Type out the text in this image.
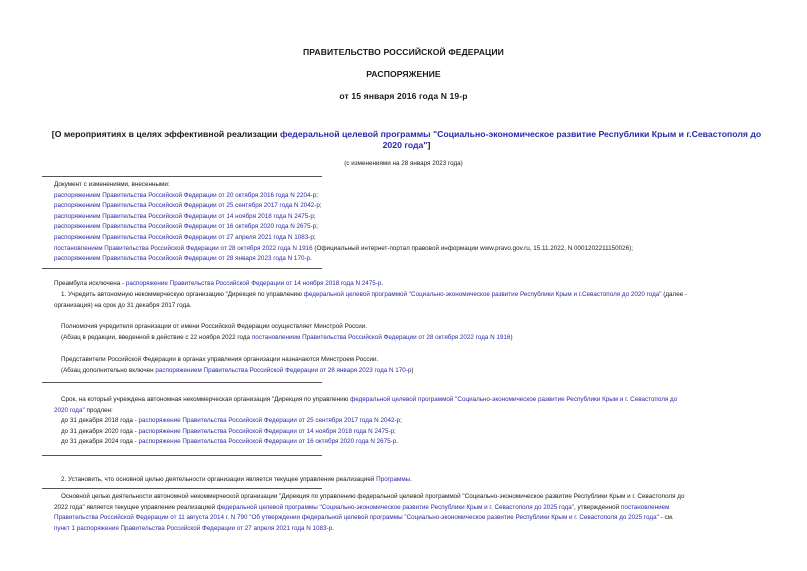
ПРАВИТЕЛЬСТВО РОССИЙСКОЙ ФЕДЕРАЦИИ
РАСПОРЯЖЕНИЕ
от 15 января 2016 года N 19-р
[О мероприятиях в целях эффективной реализации федеральной целевой программы "Социально-экономическое развитие Республики Крым и г.Севастополя до 2020 года"]
(с изменениями на 28 января 2023 года)
Документ с изменениями, внесенными:
распоряжением Правительства Российской Федерации от 20 октября 2016 года N 2204-р;
распоряжением Правительства Российской Федерации от 25 сентября 2017 года N 2042-р;
распоряжением Правительства Российской Федерации от 14 ноября 2018 года N 2475-р;
распоряжением Правительства Российской Федерации от 16 октября 2020 года N 2675-р;
распоряжением Правительства Российской Федерации от 27 апреля 2021 года N 1083-р;
постановлением Правительства Российской Федерации от 28 октября 2022 года N 1916 (Официальный интернет-портал правовой информации www.pravo.gov.ru, 15.11.2022, N 0001202211150026);
распоряжением Правительства Российской Федерации от 28 января 2023 года N 170-р.
Преамбула исключена - распоряжение Правительства Российской Федерации от 14 ноября 2018 года N 2475-р.
1. Учредить автономную некоммерческую организацию "Дирекция по управлению федеральной целевой программой "Социально-экономическое развитие Республики Крым и г.Севастополя до 2020 года" (далее -
организация) на срок до 31 декабря 2017 года.
Полномочия учредителя организации от имени Российской Федерации осуществляет Минстрой России.
(Абзац в редакции, введенной в действие с 22 ноября 2022 года постановлением Правительства Российской Федерации от 28 октября 2022 года N 1916)
Представители Российской Федерации в органах управления организации назначаются Минстроем России.
(Абзац дополнительно включен распоряжением Правительства Российской Федерации от 28 января 2023 года N 170-р)
Срок, на который учреждена автономная некоммерческая организация "Дирекция по управлению федеральной целевой программой "Социально-экономическое развитие Республики Крым и г. Севастополя до
2020 года" продлен:
до 31 декабря 2018 года - распоряжение Правительства Российской Федерации от 25 сентября 2017 года N 2042-р;
до 31 декабря 2020 года - распоряжение Правительства Российской Федерации от 14 ноября 2018 года N 2475-р;
до 31 декабря 2024 года - распоряжение Правительства Российской Федерации от 16 октября 2020 года N 2675-р.
2. Установить, что основной целью деятельности организации является текущее управление реализацией Программы.
Основной целью деятельности автономной некоммерческой организации "Дирекция по управлению федеральной целевой программой "Социально-экономическое развитие Республики Крым и г. Севастополя до
2022 года" является текущее управление реализацией федеральной целевой программы "Социально-экономическое развитие Республики Крым и г. Севастополя до 2025 года", утвержденной постановлением
Правительства Российской Федерации от 11 августа 2014 г. N 790 "Об утверждении федеральной целевой программы "Социально-экономическое развитие Республики Крым и г. Севастополя до 2025 года" - см.
пункт 1 распоряжения Правительства Российской Федерации от 27 апреля 2021 года N 1083-р.
